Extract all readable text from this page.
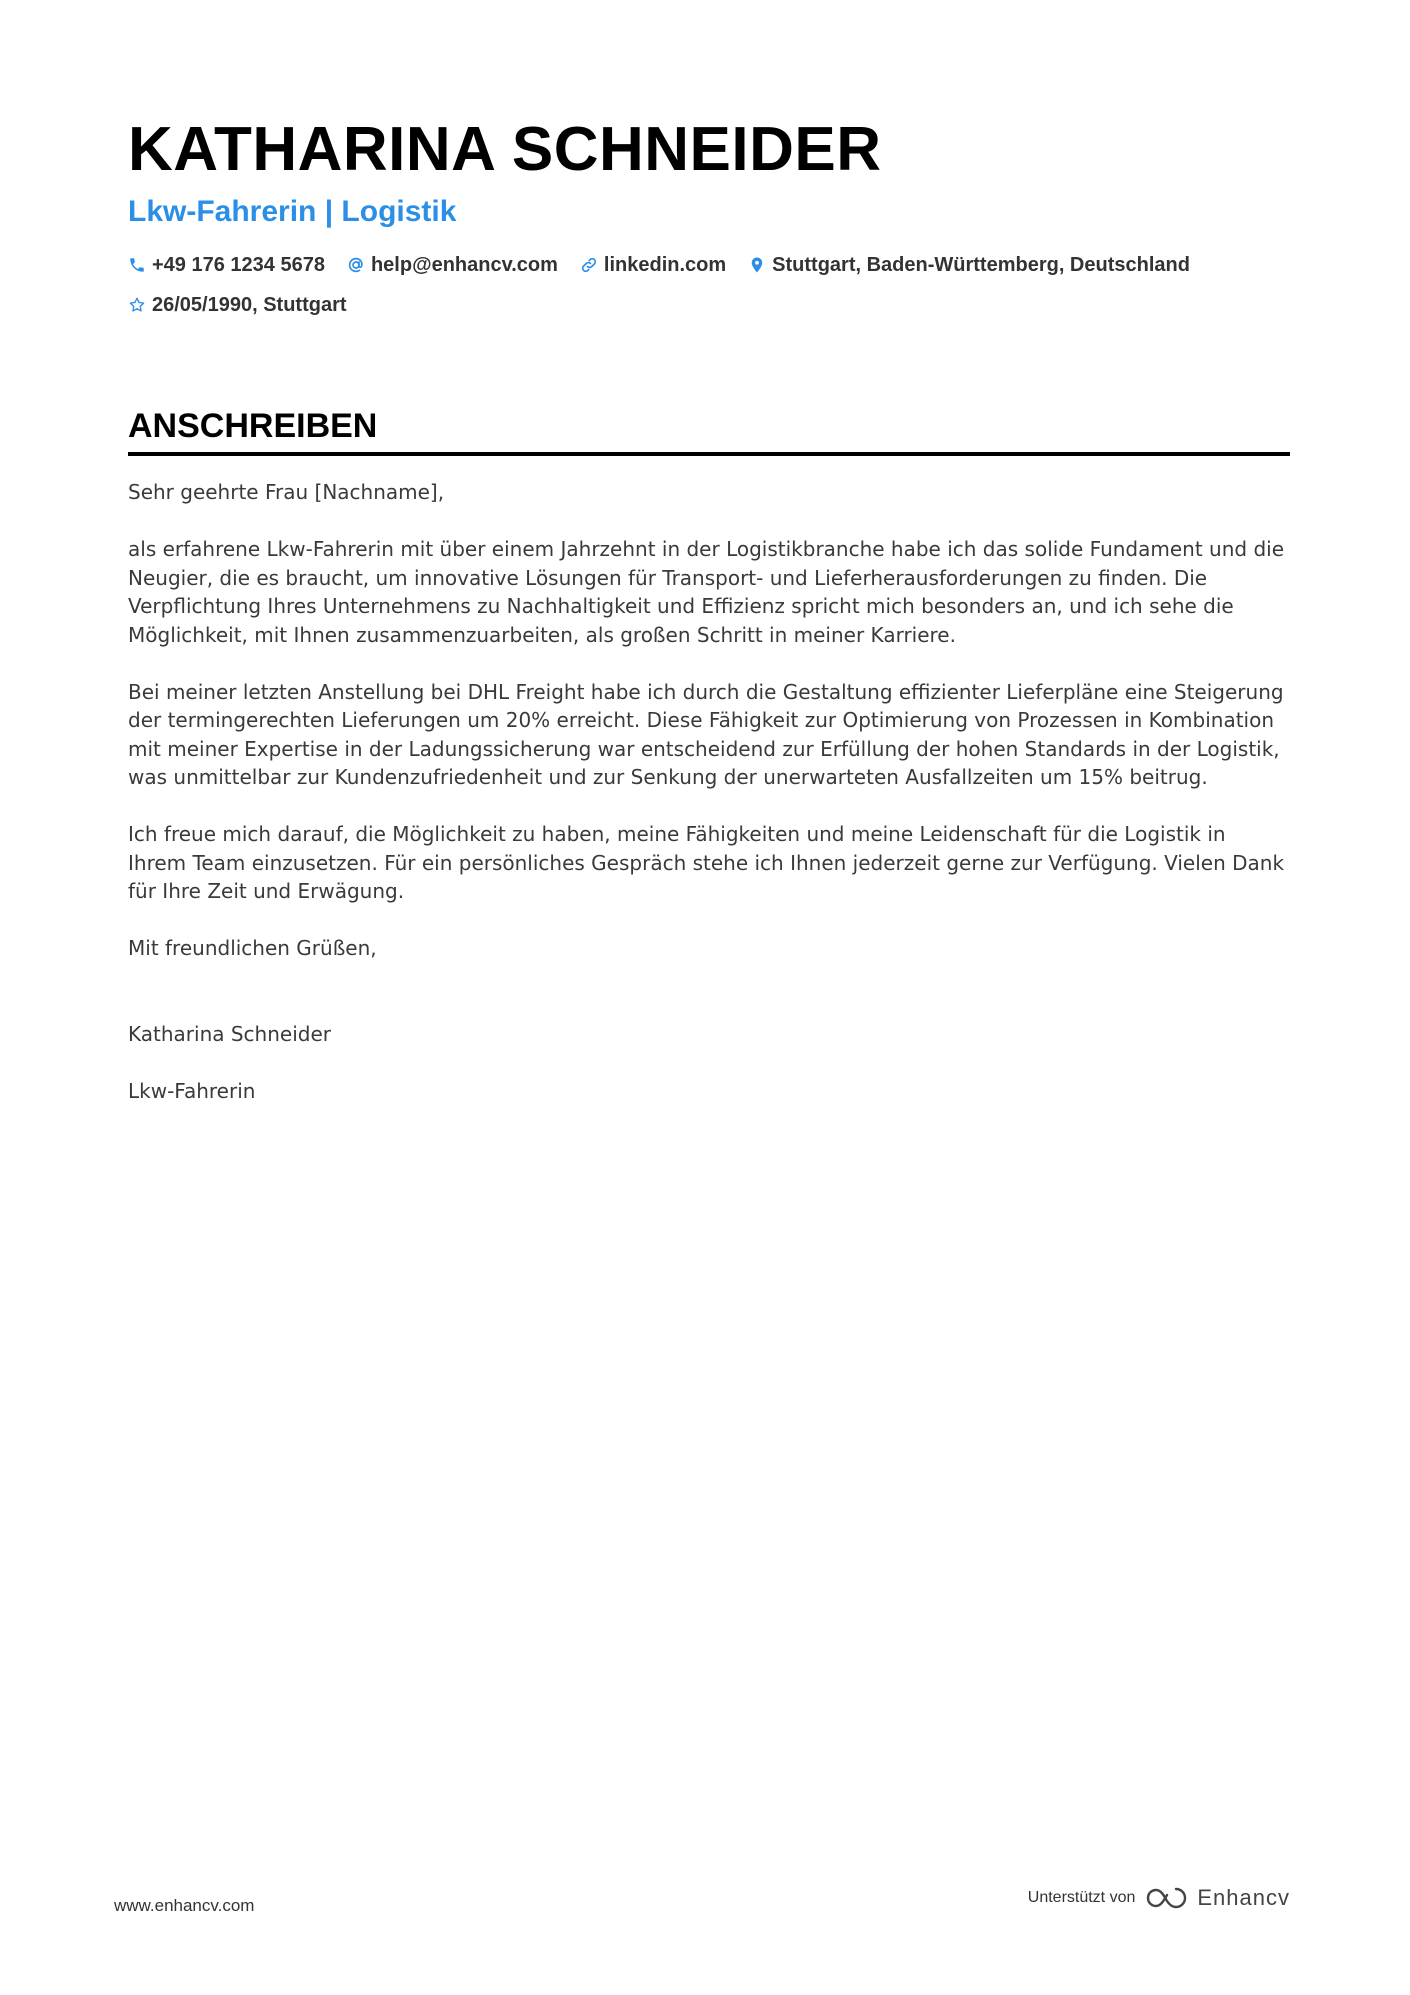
KATHARINA SCHNEIDER
Lkw-Fahrerin | Logistik
+49 176 1234 5678 help@enhancv.com linkedin.com Stuttgart, Baden-Württemberg, Deutschland
26/05/1990, Stuttgart
ANSCHREIBEN

Sehr geehrte Frau [Nachname],

als erfahrene Lkw-Fahrerin mit über einem Jahrzehnt in der Logistikbranche habe ich das solide Fundament und die Neugier, die es braucht, um innovative Lösungen für Transport- und Lieferherausforderungen zu finden. Die Verpflichtung Ihres Unternehmens zu Nachhaltigkeit und Effizienz spricht mich besonders an, und ich sehe die Möglichkeit, mit Ihnen zusammenzuarbeiten, als großen Schritt in meiner Karriere.

Bei meiner letzten Anstellung bei DHL Freight habe ich durch die Gestaltung effizienter Lieferpläne eine Steigerung der termingerechten Lieferungen um 20% erreicht. Diese Fähigkeit zur Optimierung von Prozessen in Kombination mit meiner Expertise in der Ladungssicherung war entscheidend zur Erfüllung der hohen Standards in der Logistik, was unmittelbar zur Kundenzufriedenheit und zur Senkung der unerwarteten Ausfallzeiten um 15% beitrug.

Ich freue mich darauf, die Möglichkeit zu haben, meine Fähigkeiten und meine Leidenschaft für die Logistik in Ihrem Team einzusetzen. Für ein persönliches Gespräch stehe ich Ihnen jederzeit gerne zur Verfügung. Vielen Dank für Ihre Zeit und Erwägung.

Mit freundlichen Grüßen,

Katharina Schneider

Lkw-Fahrerin

www.enhancv.com	Unterstützt von	Enhancv
